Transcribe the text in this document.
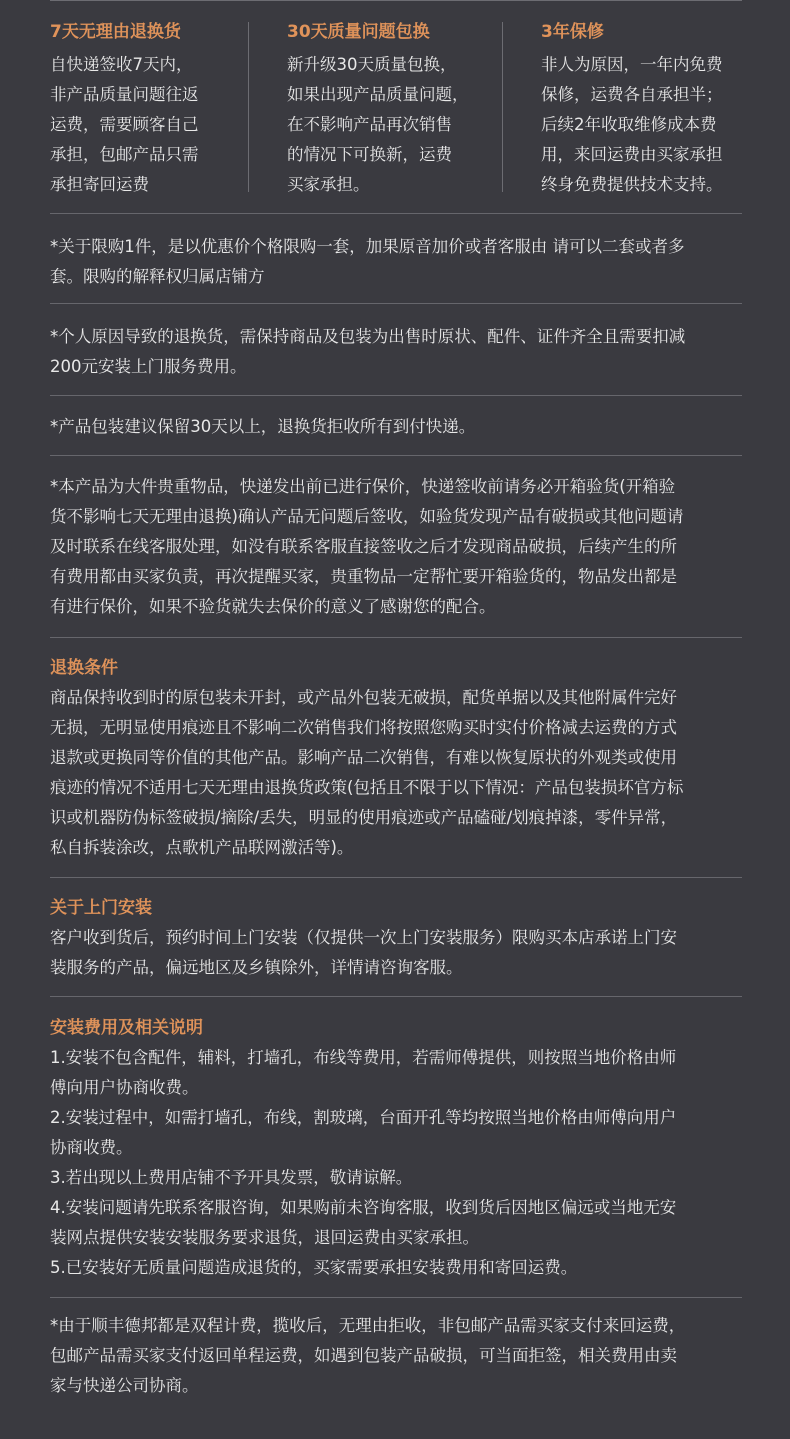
7天无理由退换货
自快递签收7天内，
非产品质量问题往返
运费，需要顾客自己
承担，包邮产品只需
承担寄回运费
30天质量问题包换
新升级30天质量包换，
如果出现产品质量问题，
在不影响产品再次销售
的情况下可换新，运费
买家承担。
3年保修
非人为原因，一年内免费
保修，运费各自承担半；
后续2年收取维修成本费
用，来回运费由买家承担
终身免费提供技术支持。
*关于限购1件，是以优惠价个格限购一套，加果原音加价或者客服由 请可以二套或者多
套。限购的解释权归属店铺方
*个人原因导致的退换货，需保持商品及包装为出售时原状、配件、证件齐全且需要扣减
200元安装上门服务费用。
*产品包装建议保留30天以上，退换货拒收所有到付快递。
*本产品为大件贵重物品，快递发出前已进行保价，快递签收前请务必开箱验货(开箱验
货不影响七天无理由退换)确认产品无问题后签收，如验货发现产品有破损或其他问题请
及时联系在线客服处理，如没有联系客服直接签收之后才发现商品破损，后续产生的所
有费用都由买家负责，再次提醒买家，贵重物品一定帮忙要开箱验货的，物品发出都是
有进行保价，如果不验货就失去保价的意义了感谢您的配合。
退换条件
商品保持收到时的原包装未开封，或产品外包装无破损，配货单据以及其他附属件完好
无损，无明显使用痕迹且不影响二次销售我们将按照您购买时实付价格减去运费的方式
退款或更换同等价值的其他产品。影响产品二次销售，有难以恢复原状的外观类或使用
痕迹的情况不适用七天无理由退换货政策(包括且不限于以下情况：产品包装损坏官方标
识或机器防伪标签破损/摘除/丢失，明显的使用痕迹或产品磕碰/划痕掉漆，零件异常，
私自拆装涂改，点歌机产品联网激活等)。
关于上门安装
客户收到货后，预约时间上门安装（仅提供一次上门安装服务）限购买本店承诺上门安
装服务的产品，偏远地区及乡镇除外，详情请咨询客服。
安装费用及相关说明
1.安装不包含配件，辅料，打墙孔，布线等费用，若需师傅提供，则按照当地价格由师
傅向用户协商收费。
2.安装过程中，如需打墙孔，布线，割玻璃，台面开孔等均按照当地价格由师傅向用户
协商收费。
3.若出现以上费用店铺不予开具发票，敬请谅解。
4.安装问题请先联系客服咨询，如果购前未咨询客服，收到货后因地区偏远或当地无安
装网点提供安装安装服务要求退货，退回运费由买家承担。
5.已安装好无质量问题造成退货的，买家需要承担安装费用和寄回运费。
*由于顺丰德邦都是双程计费，揽收后，无理由拒收，非包邮产品需买家支付来回运费，
包邮产品需买家支付返回单程运费，如遇到包装产品破损，可当面拒签，相关费用由卖
家与快递公司协商。
